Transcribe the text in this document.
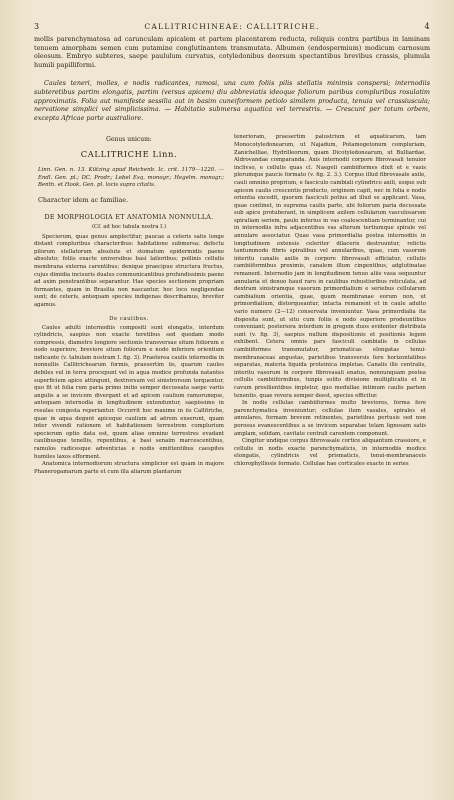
3	CALLITRICHINEAE: CALLITRICHE.	4

mollis parenchymatosa ad carunculam apicalem et partem placentarem reducta, reliquis contra partibus in laminam tenuem amorpham semen cum putamine conglutinantem transmutata. Albumen (endospermium) modicum carnosum oleosum. Embryo subteres, saepe paululum curvatus, cotyledonibus deorsum spectantibus brevibus crassis, plumula humili papilliformi.

Caules teneri, molles, e nodis radicantes, ramosi, una cum foliis pilis stellatis minimis conspersi; internodiis subteretibus partim elongatis, partim (versus apicem) diu abbreviatis ideoque foliorum paribus compluribus rosulatim approximatis. Folia aut manifeste sessilia aut in basim cuneiformem petiolo similem producta, tenuia vel crassiuscula; nervatione simplici vel simplicissima. — Habitatio submersa aquatica vel terrestris. — Crescunt per totum orbem, excepta Africae parte australiore.

Genus unicum:
CALLITRICHE Linn.
Linn. Gen. n. 13. Kützing apud Reichenb. Ic. crit. 1179—1220. — Endl. Gen. pl.; DC. Prodr.; Lebel Esq. monogr.; Hegelm. monogr.; Benth. et Hook. Gen. pl. locis supra citatis.
Character idem ac familiae.
DE MORPHOLOGIA ET ANATOMIA NONNULLA.
(Cf. ad hoc tabula nostra I.)

Specierum, quas genus amplectitur, paucae a ceteris satis longe distant compluribus characteribus: habitatione submersa; defectu pilorum stellatorum absolute et stomatum epidermidis paene absoluto; foliis exacte universibus basi latioribus; pollinis cellulis membrana externa carentibus; denique praecipue structura fructus, cujus dimidia incisuris dualus communicantibus profundissimis paene ad axim penetrantibus separantur. Hae species sectionem propriam formantes, quam in Brasilia non nascantur, hoc loco negligendae sunt; de ceteris, antequam species indigenas describamus, breviter agamus.

De caulibus.

Caules adulti internodiis compositi sunt elongatis, interdum cylindricis, saepius non exacte teretibus sed quodam modo compressis, diametro longiore sectionis transversae situm foliorum e nodo superiore, breviore situm foliorum e nodo inferiore orientium indicante (v. tabulam nostram I. fig. 3). Praeterea caulis internodia in nonnullis Callitrichearum formis, praesertim iis, quarum caules debiles vel in terra procepunt vel in aqua modice profunda natantes superficiem apice attingunt, dextrorsum vel sinistrorsum torquentur, quo fit ut folia rum paria primo initio semper decussata saepe variis angulis a se invicem divergant et ad apicem caulium ramorumque, antequam internodia in longitudinem extenduntur, saepissime in rosulas congesta reperiantur. Occurrit hoc maxime in iis Callitriche, quae in aqua degunt apiceque caulium ad aërem exserunt, quam inter vivendi rationem et habitationem terrestrem complurium specierum optio data est, quum aliae omnino terrestres evadant caulibusque tenellis, repentibus, a basi senaim marcescentibus, ramulos radicesque adventicias e nodis emittentibus caespites humiles laxos efforment.

Anatomica internodiorum structura simplicior est quam in majore Phanerogamarum parte et cum illa aliarum plantarum

tenerioram, praesertim palustrium et aquaticarum, tam Monocotyledonearum, ut Najadum, Potamogetonum compluriam, Zanichelliae, Hydrilleorum, quam Dicotyledonearum, ut Bulliardae, Aldrovandae comparanda. Axis internodii corpore fibrovasali tenuior inclivso, e cellulis quas cl. Naegeli cambiiformes dixit et e vasis plerumque paucis formato (v. fig. 2. 3.). Corpus illud fibrovasale axile, cauli omnino proprium, e fasciculo cambiali cylindrico axili, usque sub apicem caulis crescentis producto, originem capit, nec in folia e nodis orientia excedit, quorum fasciculi potius ad illud se applicant. Vasa, quae continet, in suprema caulis parte, ubi foliorum paria decussata sub apice protuberant, in simplicem axilem cellularum vasculosarum spiraliam seriem, paulo inferius in vas coalescentiam terminantur, cui in internodiis infra adjacentibus vas alterum tertiumque spirale vel annulare associatur. Quae vasa primordialia postea internodiis in longitudinem extensis celeriter dilaceris destruuntur, relictis tantummodo fibris spiralibus vel annularibus, quae, cum vasorum interitu canalis axilis in corpore fibrovasali efficiatur, cellulis cambiiformibus proximis, canalem illum cingentibus, adglutinatae remanent. Internodio jam in longitudinem tenuo aliis vasa sequuntur annularia et denuo haud raro in caulibus robustioribus reticulata, ad dextram sinistramque vasorum primordialium e seriebus cellularum cambialium orientia, quae, quum membranae eorum non, ut primordialium, distorqueantur, intacta remanent et in caule adulto vario numero (2—12) conservata inveniuntur. Vasa primordialia ita disposita sunt, ut situ cum foliis e nodo superiore prodeuntibus conveniant; posteriora interdum in gregem duos evidenter distributa sunt (v. fig. 3), saepius nullum dispositionis et positionis legem exhibent. Cetera omnis pars fasciculi cambialis in cellulas cambiiformes transmutatur, prismaticas elongatas tenui-membranaceas angustas, parietibus transversis fere horizontalibus separatas, materia liquida proteinica impletas. Canalis ille centralis, interitu vasorum in corpore fibrovasali enatus, nonnunquam postea cellulis cambiiformibus, tunpis solito divisione multiplicatis et in cavum prosilientibus impletur, quo medullae intimum caulis partem tenentis, quae revera semper deest, species efficitur.

In nodis cellulae cambiiformes multo breviores, forma fere parenchymatica inveniuntur; cellulae item vasales, spirales et annulares, formam brevem retinentes, parietibus pertusis sed non porosus evanescentibus a se invicem separatae telam lignosam satis amplam, solidam, cavitate centrali carentem componunt.

Cingitur undique corpus fibrovasale cortice aliquantum crassiore, e cellulis in nodis exacte parenchymaticis, in internodiis modice elongatis, cylindricis vel prismaticis, tenui-membranaceis chlorophylliosis formato. Cellulae hae corticales exacte in series
